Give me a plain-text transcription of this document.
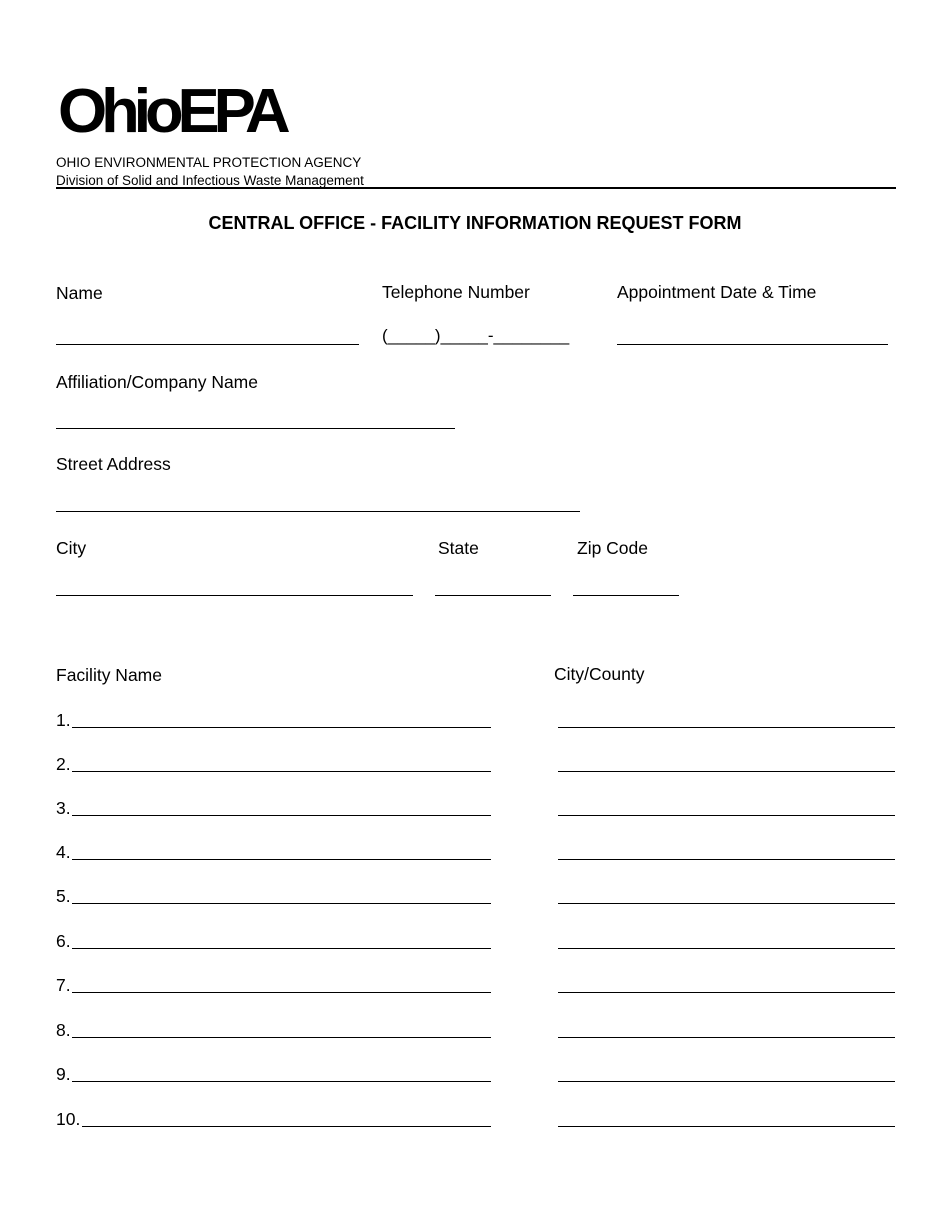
OhioEPA
OHIO ENVIRONMENTAL PROTECTION AGENCY
Division of Solid and Infectious Waste Management
CENTRAL OFFICE - FACILITY INFORMATION REQUEST FORM
Name	Telephone Number	Appointment Date & Time
(_____)_____-________
Affiliation/Company Name
Street Address
City	State	Zip Code
Facility Name	City/County
1.
2.
3.
4.
5.
6.
7.
8.
9.
10.
